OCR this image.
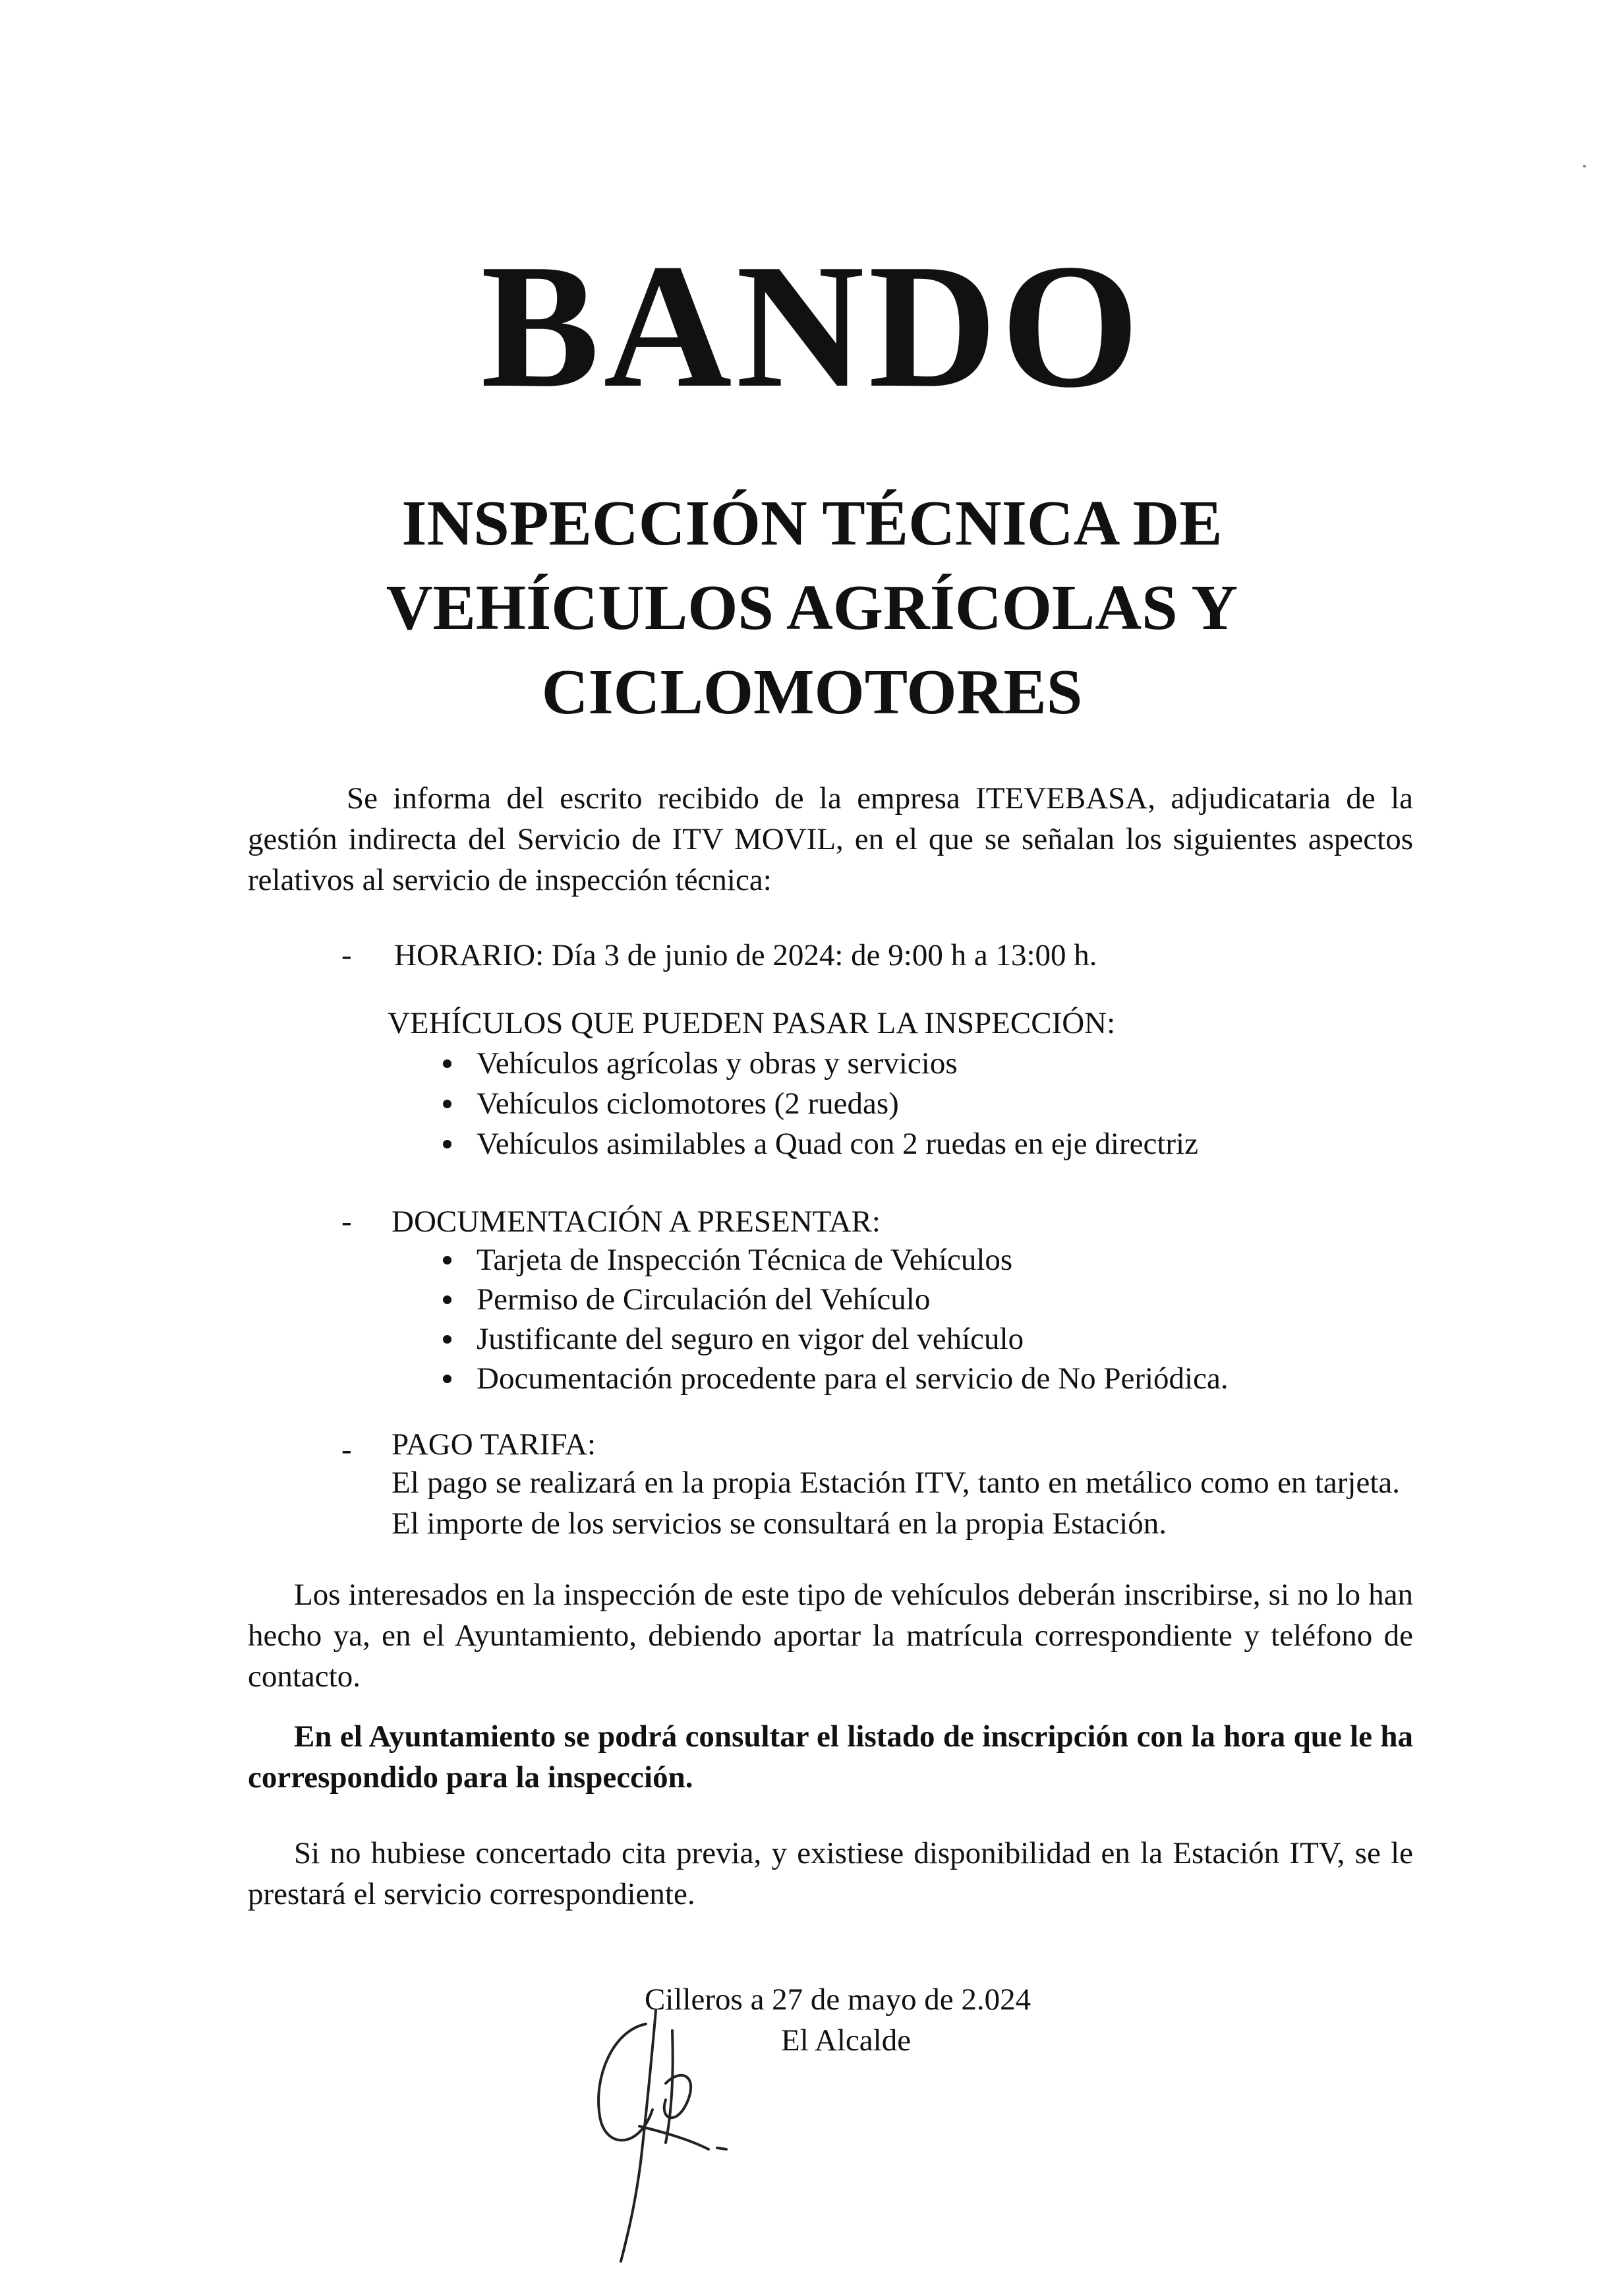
BANDO
INSPECCIÓN TÉCNICA DE
VEHÍCULOS AGRÍCOLAS Y
CICLOMOTORES
Se informa del escrito recibido de la empresa ITEVEBASA, adjudicataria de la gestión indirecta del Servicio de ITV MOVIL, en el que se señalan los siguientes aspectos relativos al servicio de inspección técnica:
- HORARIO: Día 3 de junio de 2024: de 9:00 h a 13:00 h.
VEHÍCULOS QUE PUEDEN PASAR LA INSPECCIÓN:
Vehículos agrícolas y obras y servicios
Vehículos ciclomotores (2 ruedas)
Vehículos asimilables a Quad con 2 ruedas en eje directriz
- DOCUMENTACIÓN A PRESENTAR:
Tarjeta de Inspección Técnica de Vehículos
Permiso de Circulación del Vehículo
Justificante del seguro en vigor del vehículo
Documentación procedente para el servicio de No Periódica.
- PAGO TARIFA:
El pago se realizará en la propia Estación ITV, tanto en metálico como en tarjeta. El importe de los servicios se consultará en la propia Estación.
Los interesados en la inspección de este tipo de vehículos deberán inscribirse, si no lo han hecho ya, en el Ayuntamiento, debiendo aportar la matrícula correspondiente y teléfono de contacto.
En el Ayuntamiento se podrá consultar el listado de inscripción con la hora que le ha correspondido para la inspección.
Si no hubiese concertado cita previa, y existiese disponibilidad en la Estación ITV, se le prestará el servicio correspondiente.
Cilleros a 27 de mayo de 2.024
El Alcalde
